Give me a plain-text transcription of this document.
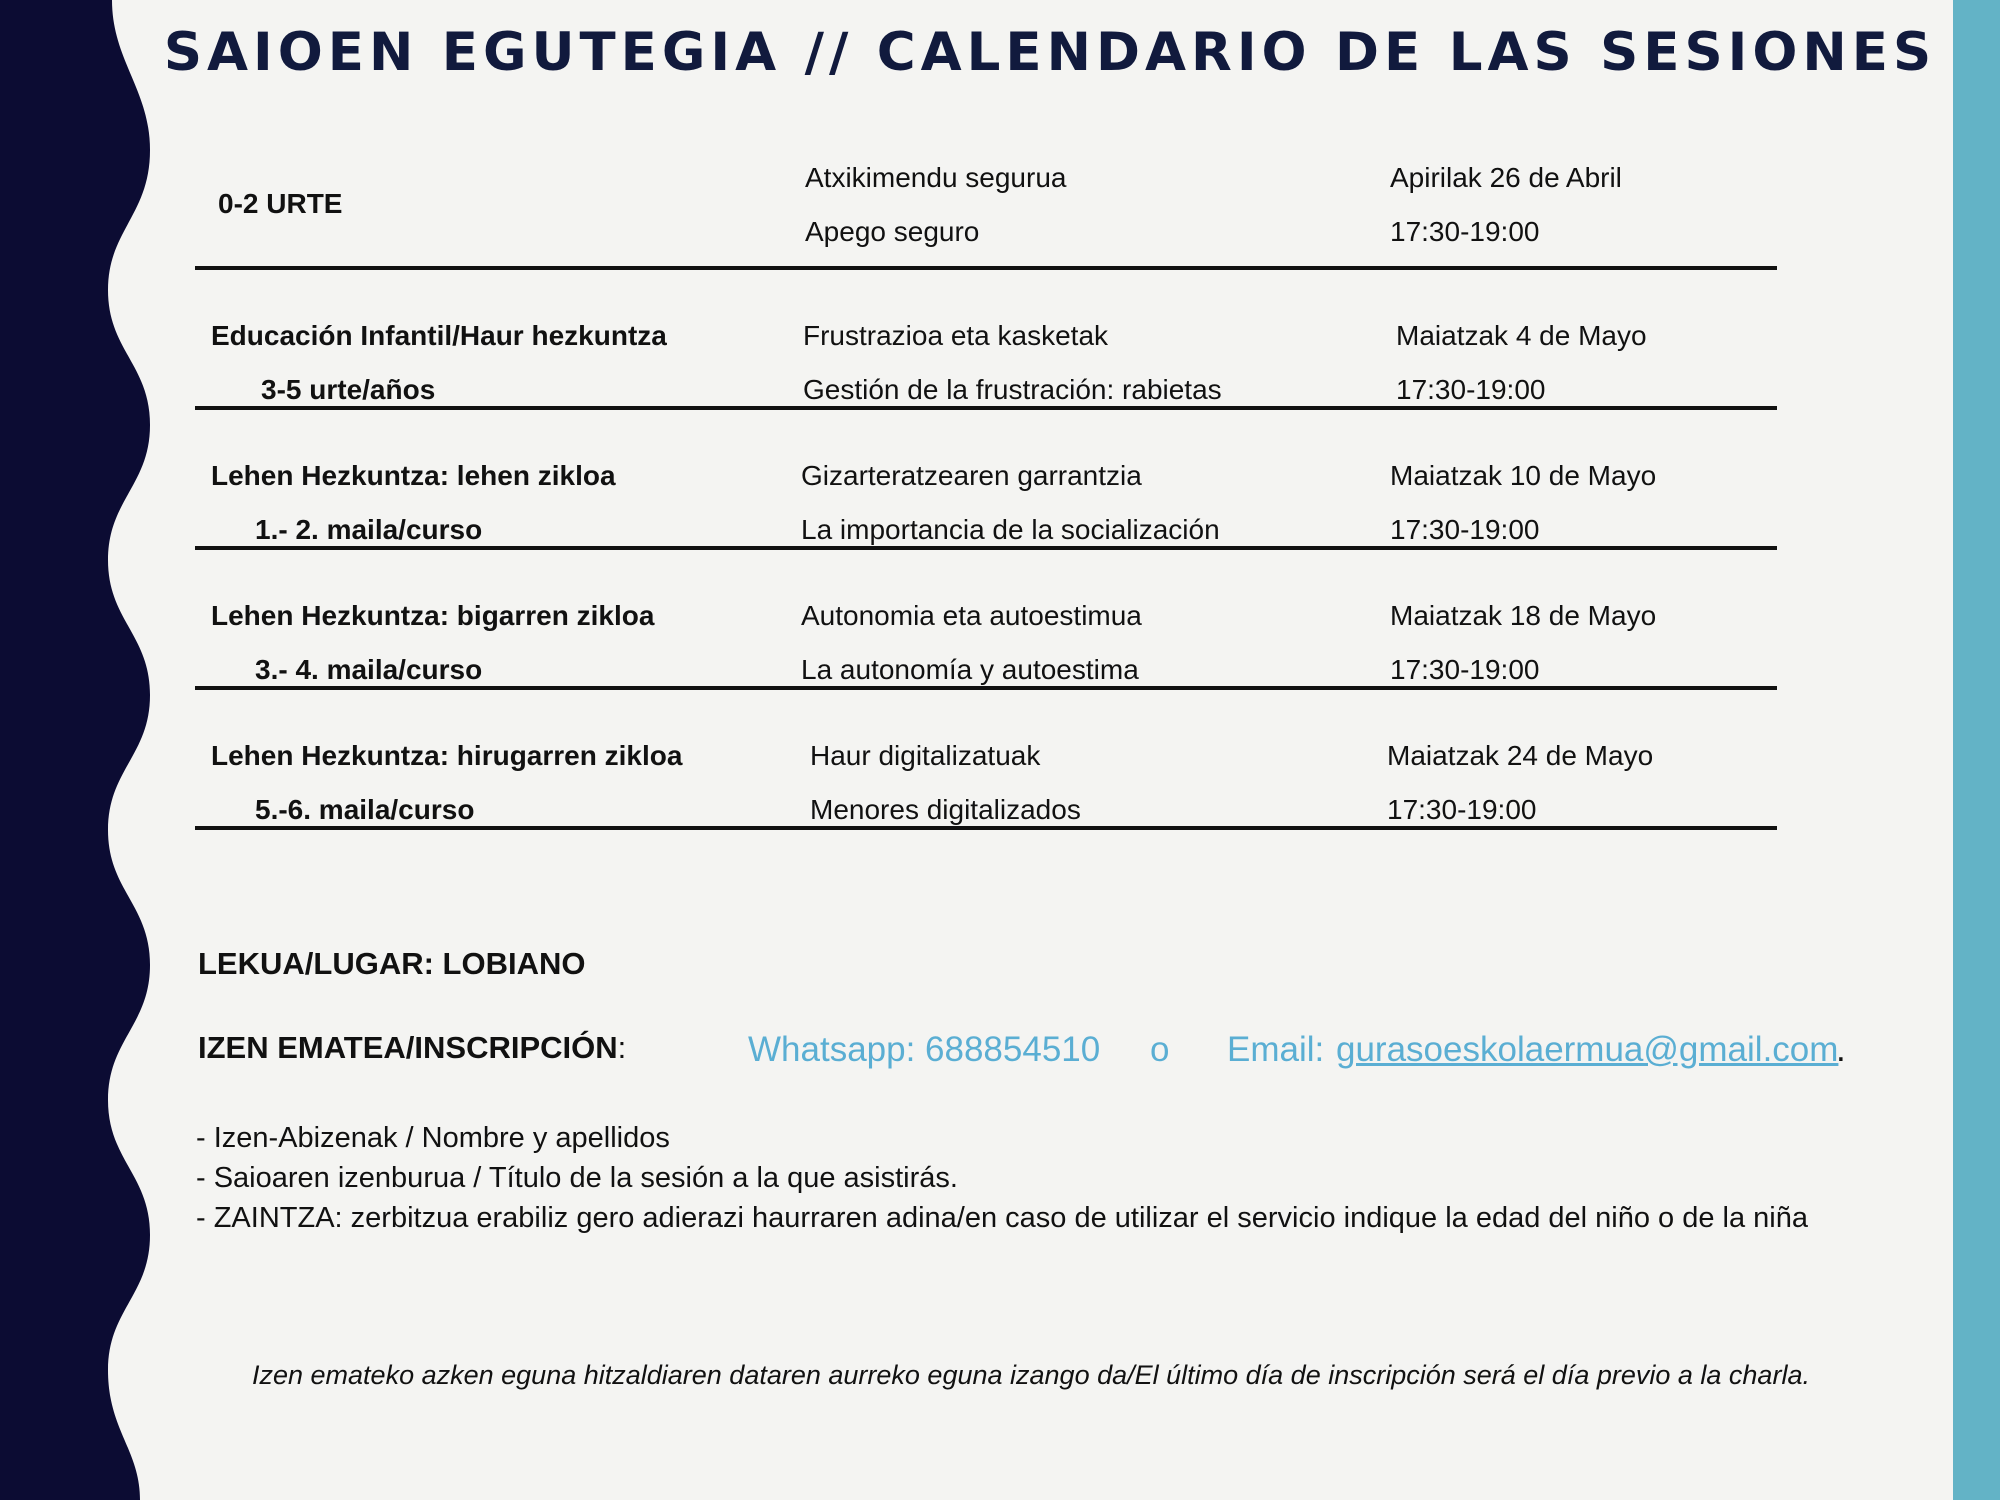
SAIOEN EGUTEGIA // CALENDARIO DE LAS SESIONES
0-2 URTE
Atxikimendu segurua
Apego seguro
Apirilak 26 de Abril
17:30-19:00
Educación Infantil/Haur hezkuntza
3-5 urte/años
Frustrazioa eta kasketak
Gestión de la frustración: rabietas
Maiatzak 4 de Mayo
17:30-19:00
Lehen Hezkuntza: lehen zikloa
1.- 2. maila/curso
Gizarteratzearen garrantzia
La importancia de la socialización
Maiatzak 10 de Mayo
17:30-19:00
Lehen Hezkuntza: bigarren zikloa
3.- 4. maila/curso
Autonomia eta autoestimua
La autonomía y autoestima
Maiatzak 18 de Mayo
17:30-19:00
Lehen Hezkuntza: hirugarren zikloa
5.-6. maila/curso
Haur digitalizatuak
Menores digitalizados
Maiatzak 24 de Mayo
17:30-19:00
LEKUA/LUGAR: LOBIANO
IZEN EMATEA/INSCRIPCIÓN:	Whatsapp: 688854510 o Email: gurasoeskolaermua@gmail.com
.
- Izen-Abizenak / Nombre y apellidos
- Saioaren izenburua / Título de la sesión a la que asistirás.
- ZAINTZA: zerbitzua erabiliz gero adierazi haurraren adina/en caso de utilizar el servicio indique la edad del niño o de la niña
Izen emateko azken eguna hitzaldiaren dataren aurreko eguna izango da/El último día de inscripción será el día previo a la charla.
